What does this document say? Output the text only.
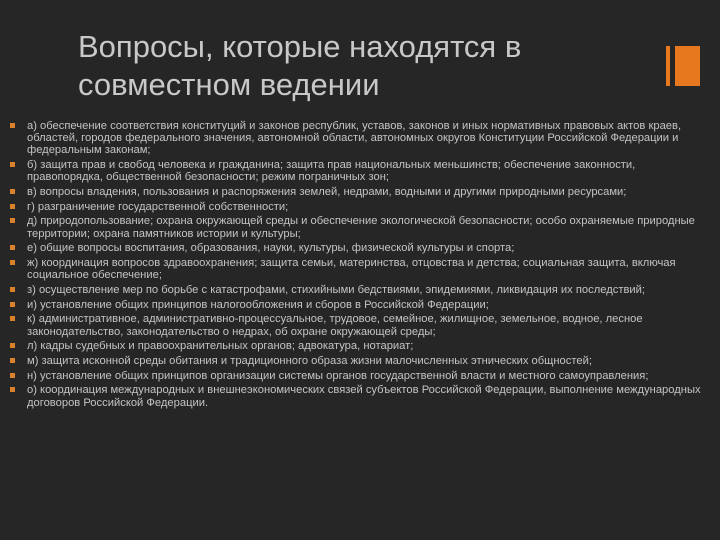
Вопросы, которые находятся в
совместном ведении
а) обеспечение соответствия конституций и законов республик, уставов, законов и иных нормативных правовых актов краев, областей, городов федерального значения, автономной области, автономных округов Конституции Российской Федерации и федеральным законам;
б) защита прав и свобод человека и гражданина; защита прав национальных меньшинств; обеспечение законности, правопорядка, общественной безопасности; режим пограничных зон;
в) вопросы владения, пользования и распоряжения землей, недрами, водными и другими природными ресурсами;
г) разграничение государственной собственности;
д) природопользование; охрана окружающей среды и обеспечение экологической безопасности; особо охраняемые природные территории; охрана памятников истории и культуры;
е) общие вопросы воспитания, образования, науки, культуры, физической культуры и спорта;
ж) координация вопросов здравоохранения; защита семьи, материнства, отцовства и детства; социальная защита, включая социальное обеспечение;
з) осуществление мер по борьбе с катастрофами, стихийными бедствиями, эпидемиями, ликвидация их последствий;
и) установление общих принципов налогообложения и сборов в Российской Федерации;
к) административное, административно-процессуальное, трудовое, семейное, жилищное, земельное, водное, лесное законодательство, законодательство о недрах, об охране окружающей среды;
л) кадры судебных и правоохранительных органов; адвокатура, нотариат;
м) защита исконной среды обитания и традиционного образа жизни малочисленных этнических общностей;
н) установление общих принципов организации системы органов государственной власти и местного самоуправления;
о) координация международных и внешнеэкономических связей субъектов Российской Федерации, выполнение международных договоров Российской Федерации.
